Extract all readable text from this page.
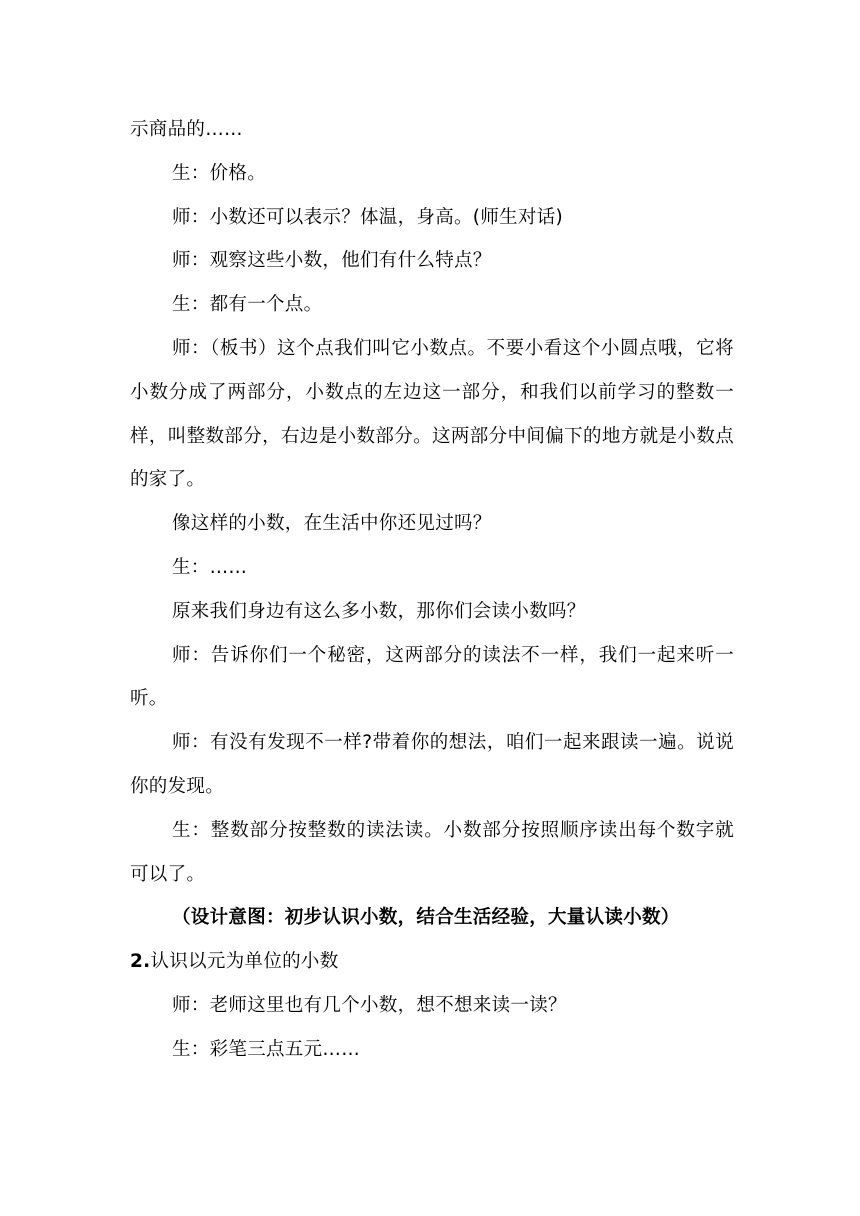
示商品的……

生：价格。

师：小数还可以表示？体温，身高。(师生对话)

师：观察这些小数，他们有什么特点？

生：都有一个点。

师：（板书）这个点我们叫它小数点。不要小看这个小圆点哦，它将小数分成了两部分，小数点的左边这一部分，和我们以前学习的整数一样，叫整数部分，右边是小数部分。这两部分中间偏下的地方就是小数点的家了。

像这样的小数，在生活中你还见过吗？

生：……

原来我们身边有这么多小数，那你们会读小数吗？

师：告诉你们一个秘密，这两部分的读法不一样，我们一起来听一听。

师：有没有发现不一样?带着你的想法，咱们一起来跟读一遍。说说你的发现。

生：整数部分按整数的读法读。小数部分按照顺序读出每个数字就可以了。

（设计意图：初步认识小数，结合生活经验，大量认读小数）

2.认识以元为单位的小数

师：老师这里也有几个小数，想不想来读一读？

生：彩笔三点五元……
